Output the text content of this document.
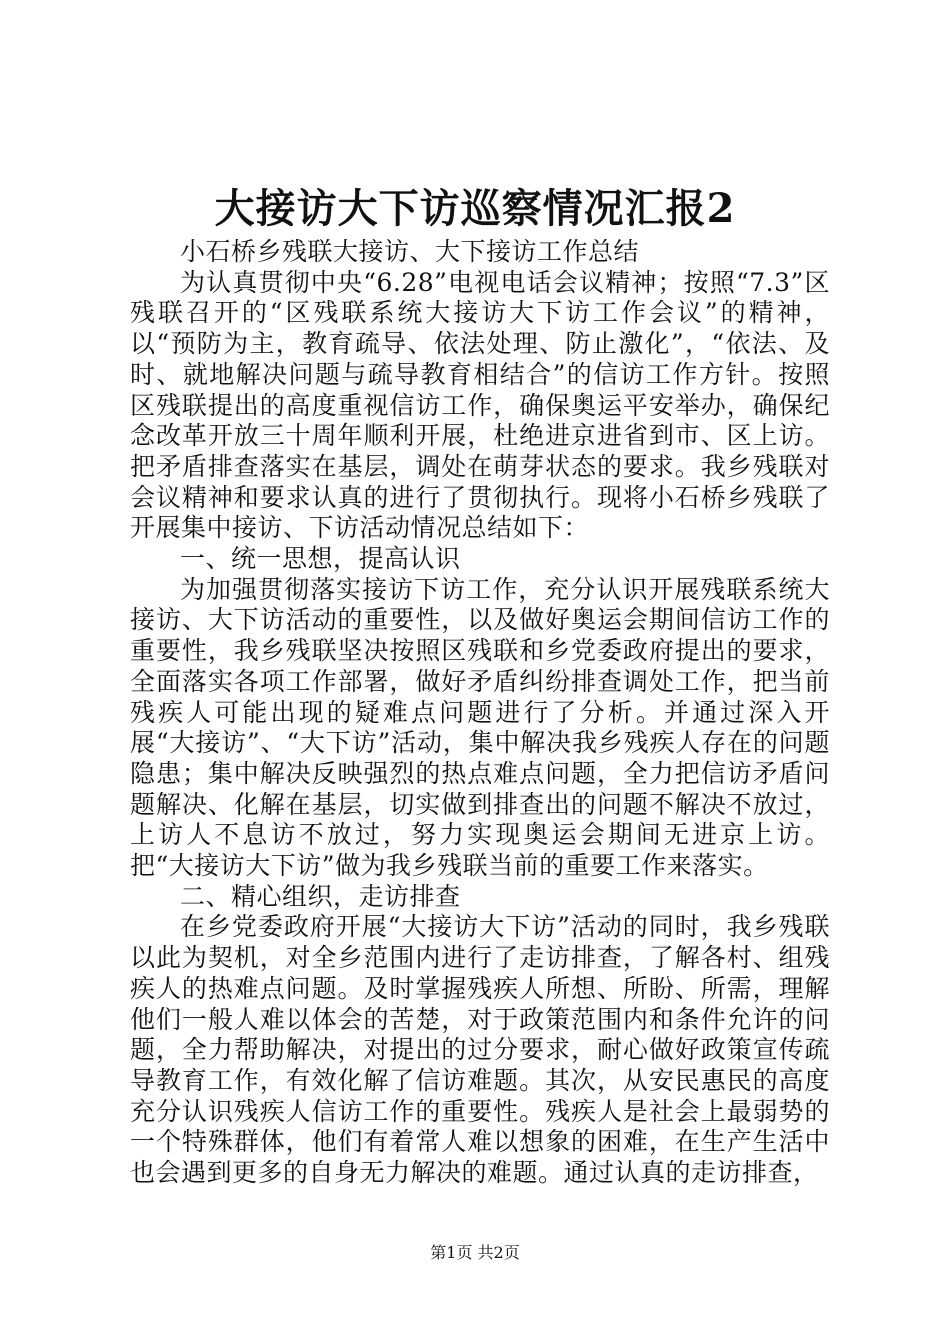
大接访大下访巡察情况汇报2

小石桥乡残联大接访、大下接访工作总结

为认真贯彻中央“6.28”电视电话会议精神；按照“7.3”区残联召开的“区残联系统大接访大下访工作会议”的精神，以“预防为主，教育疏导、依法处理、防止激化”，“依法、及时、就地解决问题与疏导教育相结合”的信访工作方针。按照区残联提出的高度重视信访工作，确保奥运平安举办，确保纪念改革开放三十周年顺利开展，杜绝进京进省到市、区上访。把矛盾排查落实在基层，调处在萌芽状态的要求。我乡残联对会议精神和要求认真的进行了贯彻执行。现将小石桥乡残联了开展集中接访、下访活动情况总结如下：

一、统一思想，提高认识

为加强贯彻落实接访下访工作，充分认识开展残联系统大接访、大下访活动的重要性，以及做好奥运会期间信访工作的重要性，我乡残联坚决按照区残联和乡党委政府提出的要求，全面落实各项工作部署，做好矛盾纠纷排查调处工作，把当前残疾人可能出现的疑难点问题进行了分析。并通过深入开展“大接访”、“大下访”活动，集中解决我乡残疾人存在的问题隐患；集中解决反映强烈的热点难点问题，全力把信访矛盾问题解决、化解在基层，切实做到排查出的问题不解决不放过，上访人不息访不放过，努力实现奥运会期间无进京上访。把“大接访大下访”做为我乡残联当前的重要工作来落实。

二、精心组织，走访排查

在乡党委政府开展“大接访大下访”活动的同时，我乡残联以此为契机，对全乡范围内进行了走访排查，了解各村、组残疾人的热难点问题。及时掌握残疾人所想、所盼、所需，理解他们一般人难以体会的苦楚，对于政策范围内和条件允许的问题，全力帮助解决，对提出的过分要求，耐心做好政策宣传疏导教育工作，有效化解了信访难题。其次，从安民惠民的高度充分认识残疾人信访工作的重要性。残疾人是社会上最弱势的一个特殊群体，他们有着常人难以想象的困难，在生产生活中也会遇到更多的自身无力解决的难题。通过认真的走访排查，

第1页 共2页
